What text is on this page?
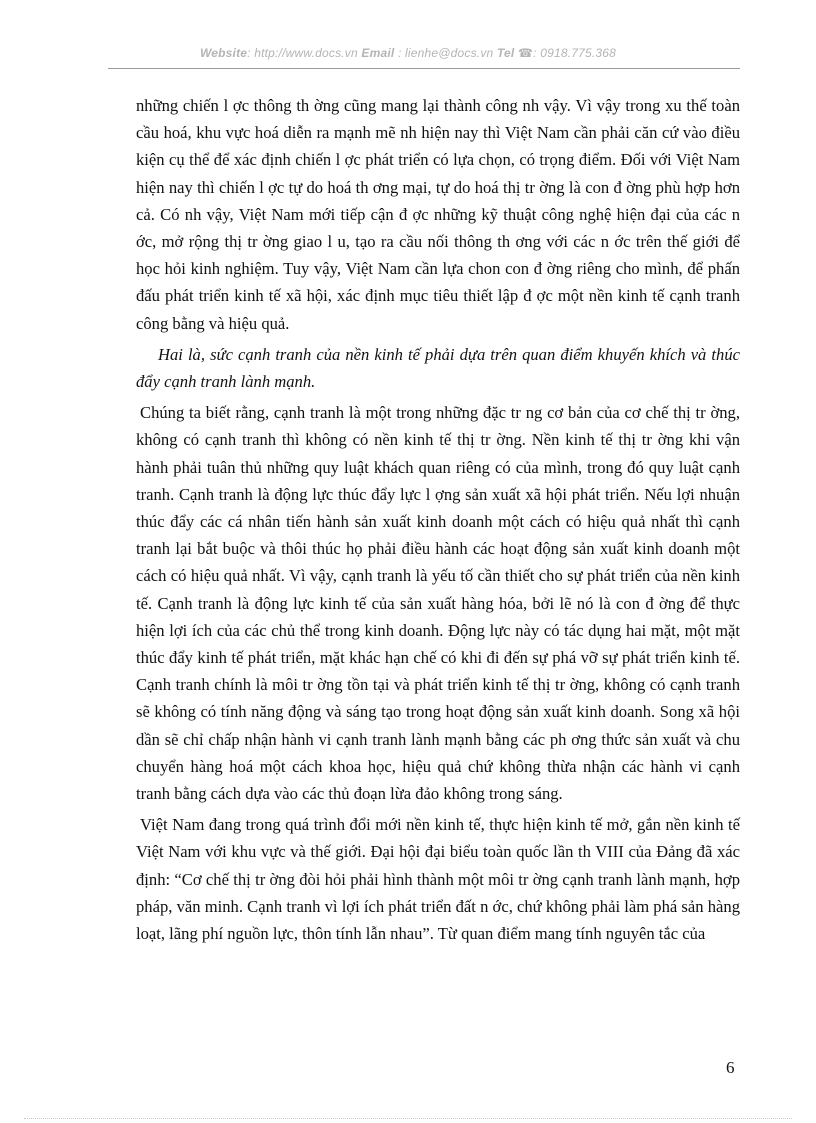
Website: http://www.docs.vn Email : lienhe@docs.vn Tel ☎: 0918.775.368

những chiến l ợc thông th ờng cũng mang lại thành công nh vậy. Vì vậy trong xu thế toàn cầu hoá, khu vực hoá diễn ra mạnh mẽ nh hiện nay thì Việt Nam cần phải căn cứ vào điều kiện cụ thể để xác định chiến l ợc phát triển có lựa chọn, có trọng điểm. Đối với Việt Nam hiện nay thì chiến l ợc tự do hoá th ơng mại, tự do hoá thị tr ờng là con đ ờng phù hợp hơn cả. Có nh vậy, Việt Nam mới tiếp cận đ ợc những kỹ thuật công nghệ hiện đại của các n ớc, mở rộng thị tr ờng giao l u, tạo ra cầu nối thông th ơng với các n ớc trên thế giới để học hỏi kinh nghiệm. Tuy vậy, Việt Nam cần lựa chon con đ ờng riêng cho mình, để phấn đấu phát triển kinh tế xã hội, xác định mục tiêu thiết lập đ ợc một nền kinh tế cạnh tranh công bằng và hiệu quả.

Hai là, sức cạnh tranh của nền kinh tế phải dựa trên quan điểm khuyến khích và thúc đẩy cạnh tranh lành mạnh.

Chúng ta biết rằng, cạnh tranh là một trong những đặc tr ng cơ bản của cơ chế thị tr ờng, không có cạnh tranh thì không có nền kinh tế thị tr ờng. Nền kinh tế thị tr ờng khi vận hành phải tuân thủ những quy luật khách quan riêng có của mình, trong đó quy luật cạnh tranh. Cạnh tranh là động lực thúc đẩy lực l ợng sản xuất xã hội phát triển. Nếu lợi nhuận thúc đẩy các cá nhân tiến hành sản xuất kinh doanh một cách có hiệu quả nhất thì cạnh tranh lại bắt buộc và thôi thúc họ phải điều hành các hoạt động sản xuất kinh doanh một cách có hiệu quả nhất. Vì vậy, cạnh tranh là yếu tố cần thiết cho sự phát triển của nền kinh tế. Cạnh tranh là động lực kinh tế của sản xuất hàng hóa, bởi lẽ nó là con đ ờng để thực hiện lợi ích của các chủ thể trong kinh doanh. Động lực này có tác dụng hai mặt, một mặt thúc đẩy kinh tế phát triển, mặt khác hạn chế có khi đi đến sự phá vỡ sự phát triển kinh tế. Cạnh tranh chính là môi tr ờng tồn tại và phát triển kinh tế thị tr ờng, không có cạnh tranh sẽ không có tính năng động và sáng tạo trong hoạt động sản xuất kinh doanh. Song xã hội dần sẽ chỉ chấp nhận hành vi cạnh tranh lành mạnh bằng các ph ơng thức sản xuất và chu chuyển hàng hoá một cách khoa học, hiệu quả chứ không thừa nhận các hành vi cạnh tranh bằng cách dựa vào các thủ đoạn lừa đảo không trong sáng.

Việt Nam đang trong quá trình đổi mới nền kinh tế, thực hiện kinh tế mở, gắn nền kinh tế Việt Nam với khu vực và thế giới. Đại hội đại biểu toàn quốc lần th VIII của Đảng đã xác định: “Cơ chế thị tr ờng đòi hỏi phải hình thành một môi tr ờng cạnh tranh lành mạnh, hợp pháp, văn minh. Cạnh tranh vì lợi ích phát triển đất n ớc, chứ không phải làm phá sản hàng loạt, lãng phí nguồn lực, thôn tính lẫn nhau”. Từ quan điểm mang tính nguyên tắc của

6
